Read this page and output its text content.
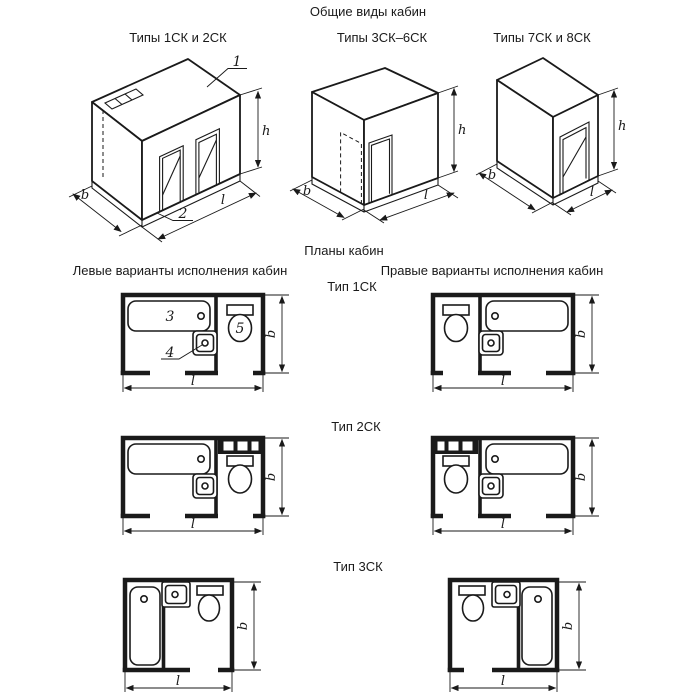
Общие виды кабин
Типы 1СК и 2СК	Типы 3СК–6СК	Типы 7СК и 8СК
Планы кабин
Левые варианты исполнения кабин	Правые варианты исполнения кабин
Тип 1СК
Тип 2СК
Тип 3СК
1
2
h
b	l
h
b	l
h
b
l
3
4
5 b
l
b
l
b
l
b
l
b
l
b
l
